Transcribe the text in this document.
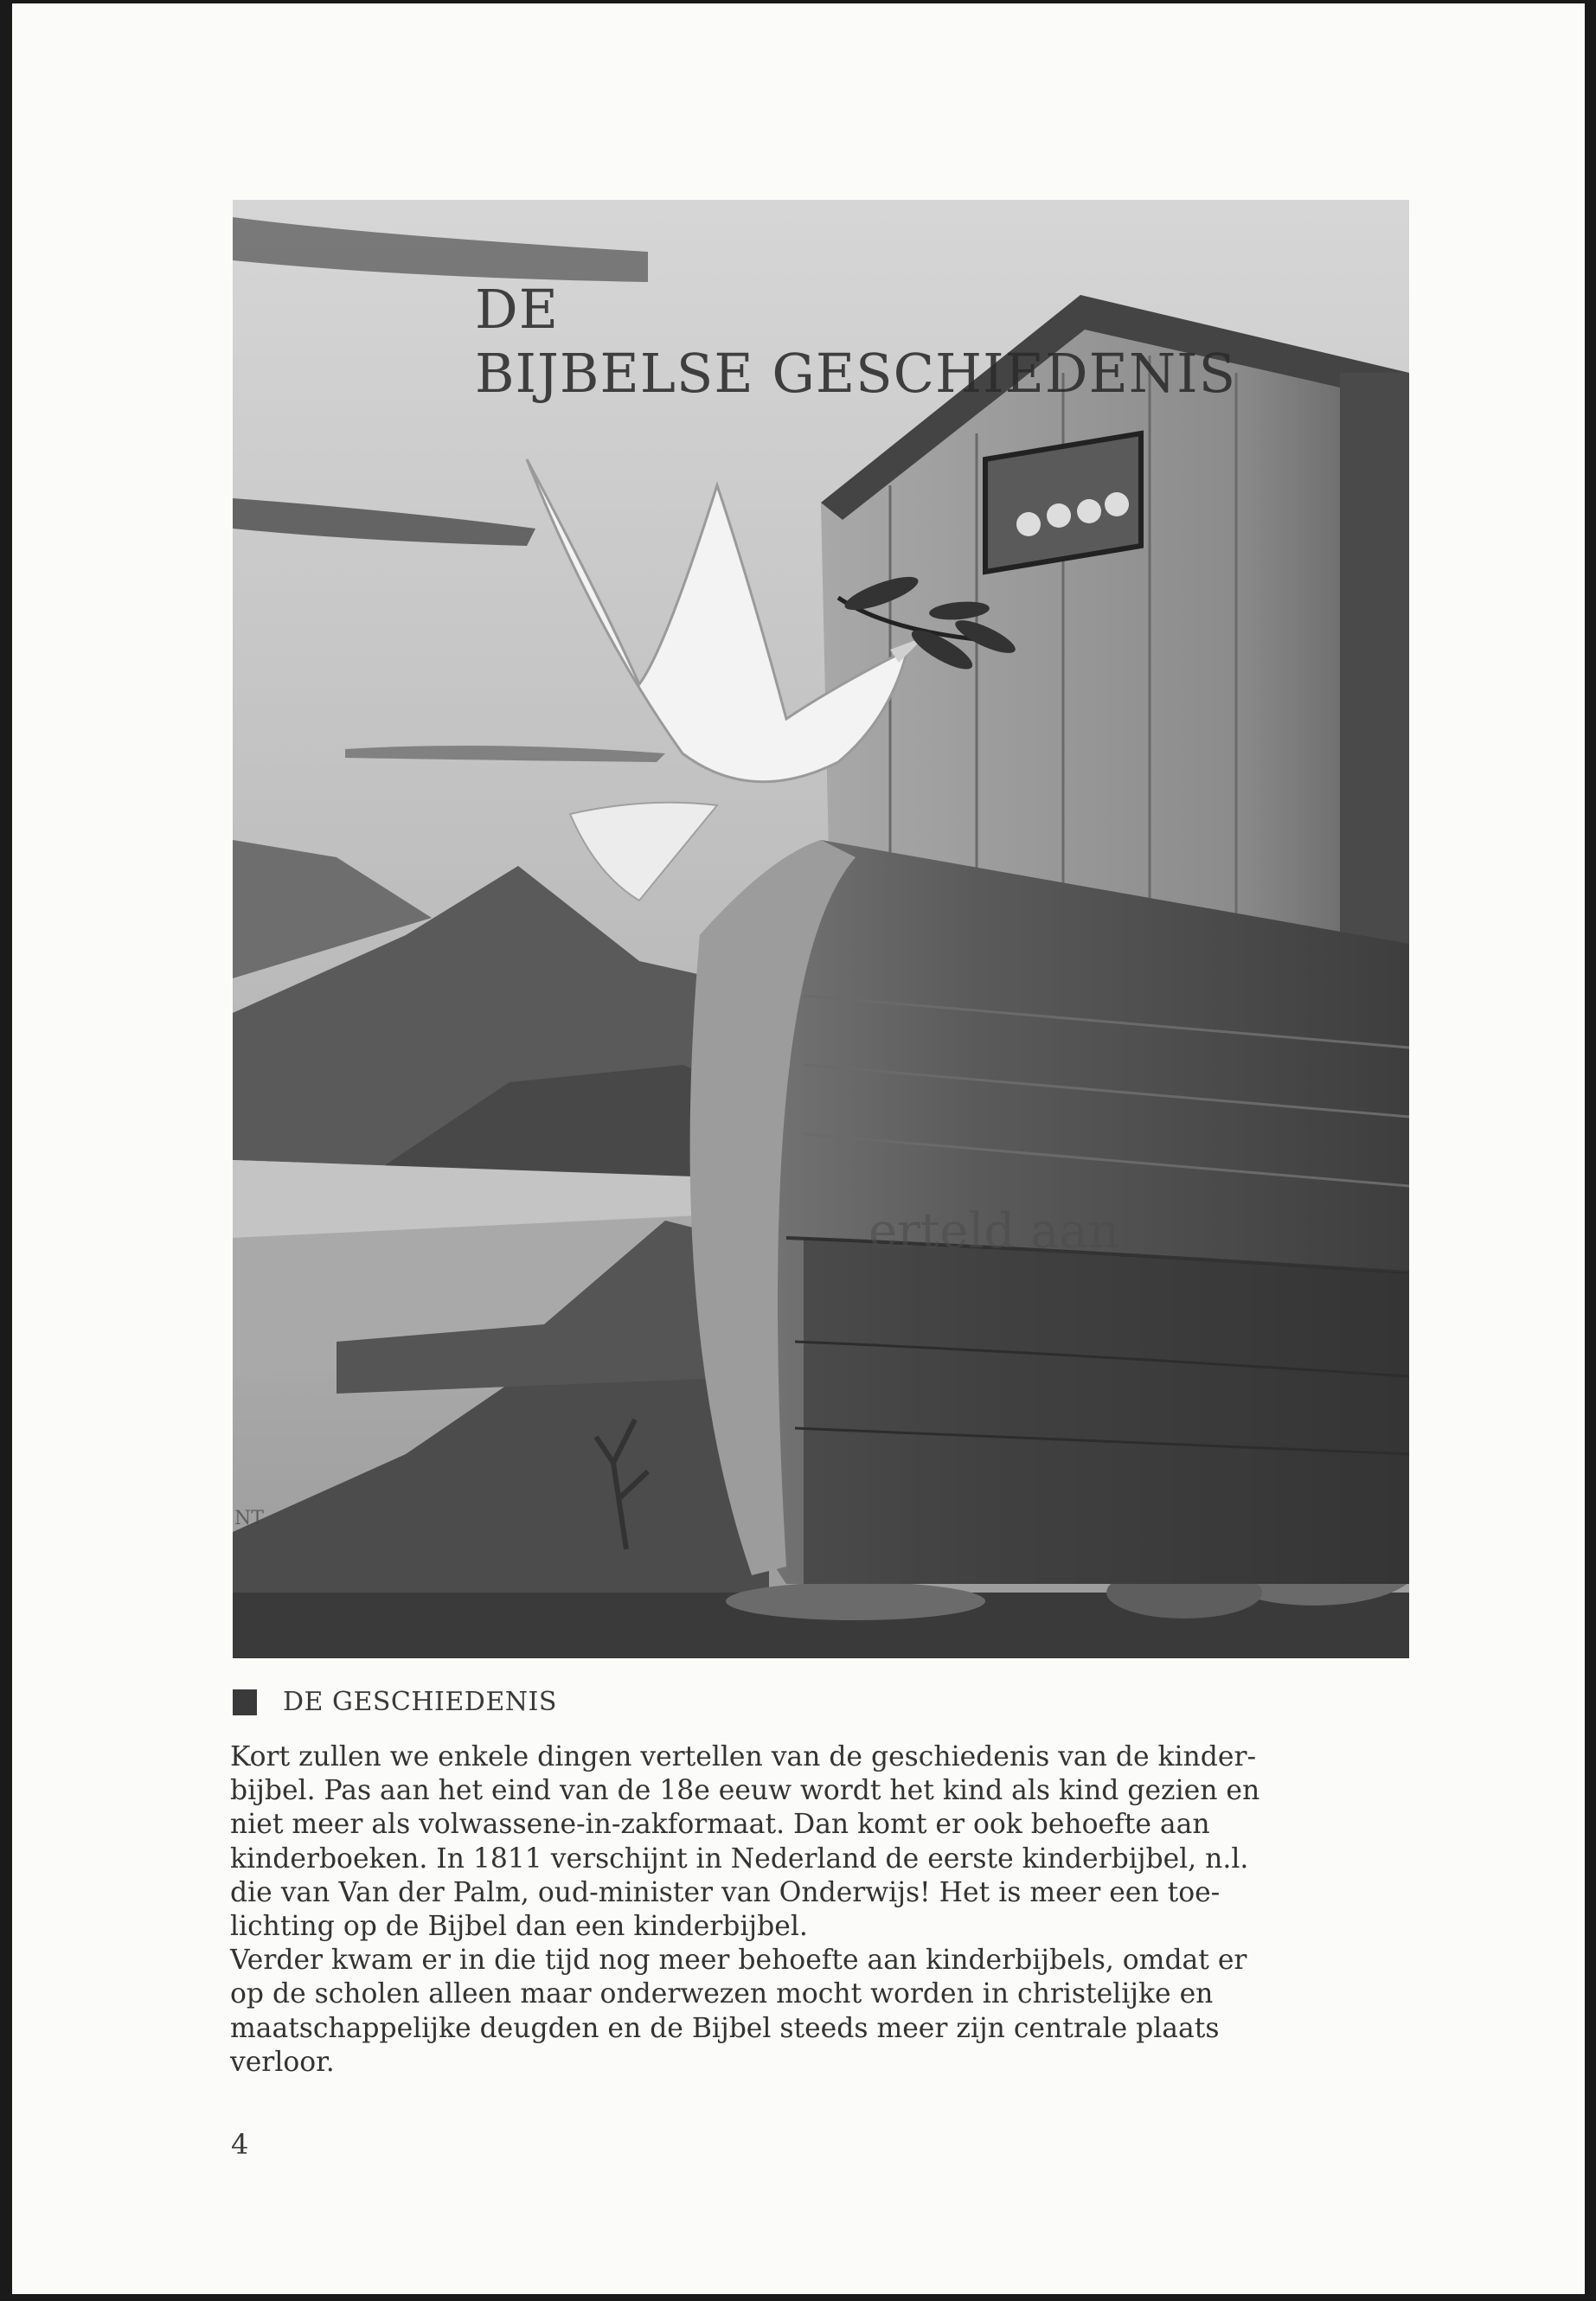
DE
BIJBELSE GESCHIEDENIS
erteld aan
NT
DE GESCHIEDENIS
Kort zullen we enkele dingen vertellen van de geschiedenis van de kinder-
bijbel. Pas aan het eind van de 18e eeuw wordt het kind als kind gezien en
niet meer als volwassene-in-zakformaat. Dan komt er ook behoefte aan
kinderboeken. In 1811 verschijnt in Nederland de eerste kinderbijbel, n.l.
die van Van der Palm, oud-minister van Onderwijs! Het is meer een toe-
lichting op de Bijbel dan een kinderbijbel.
Verder kwam er in die tijd nog meer behoefte aan kinderbijbels, omdat er
op de scholen alleen maar onderwezen mocht worden in christelijke en
maatschappelijke deugden en de Bijbel steeds meer zijn centrale plaats
verloor.
4
